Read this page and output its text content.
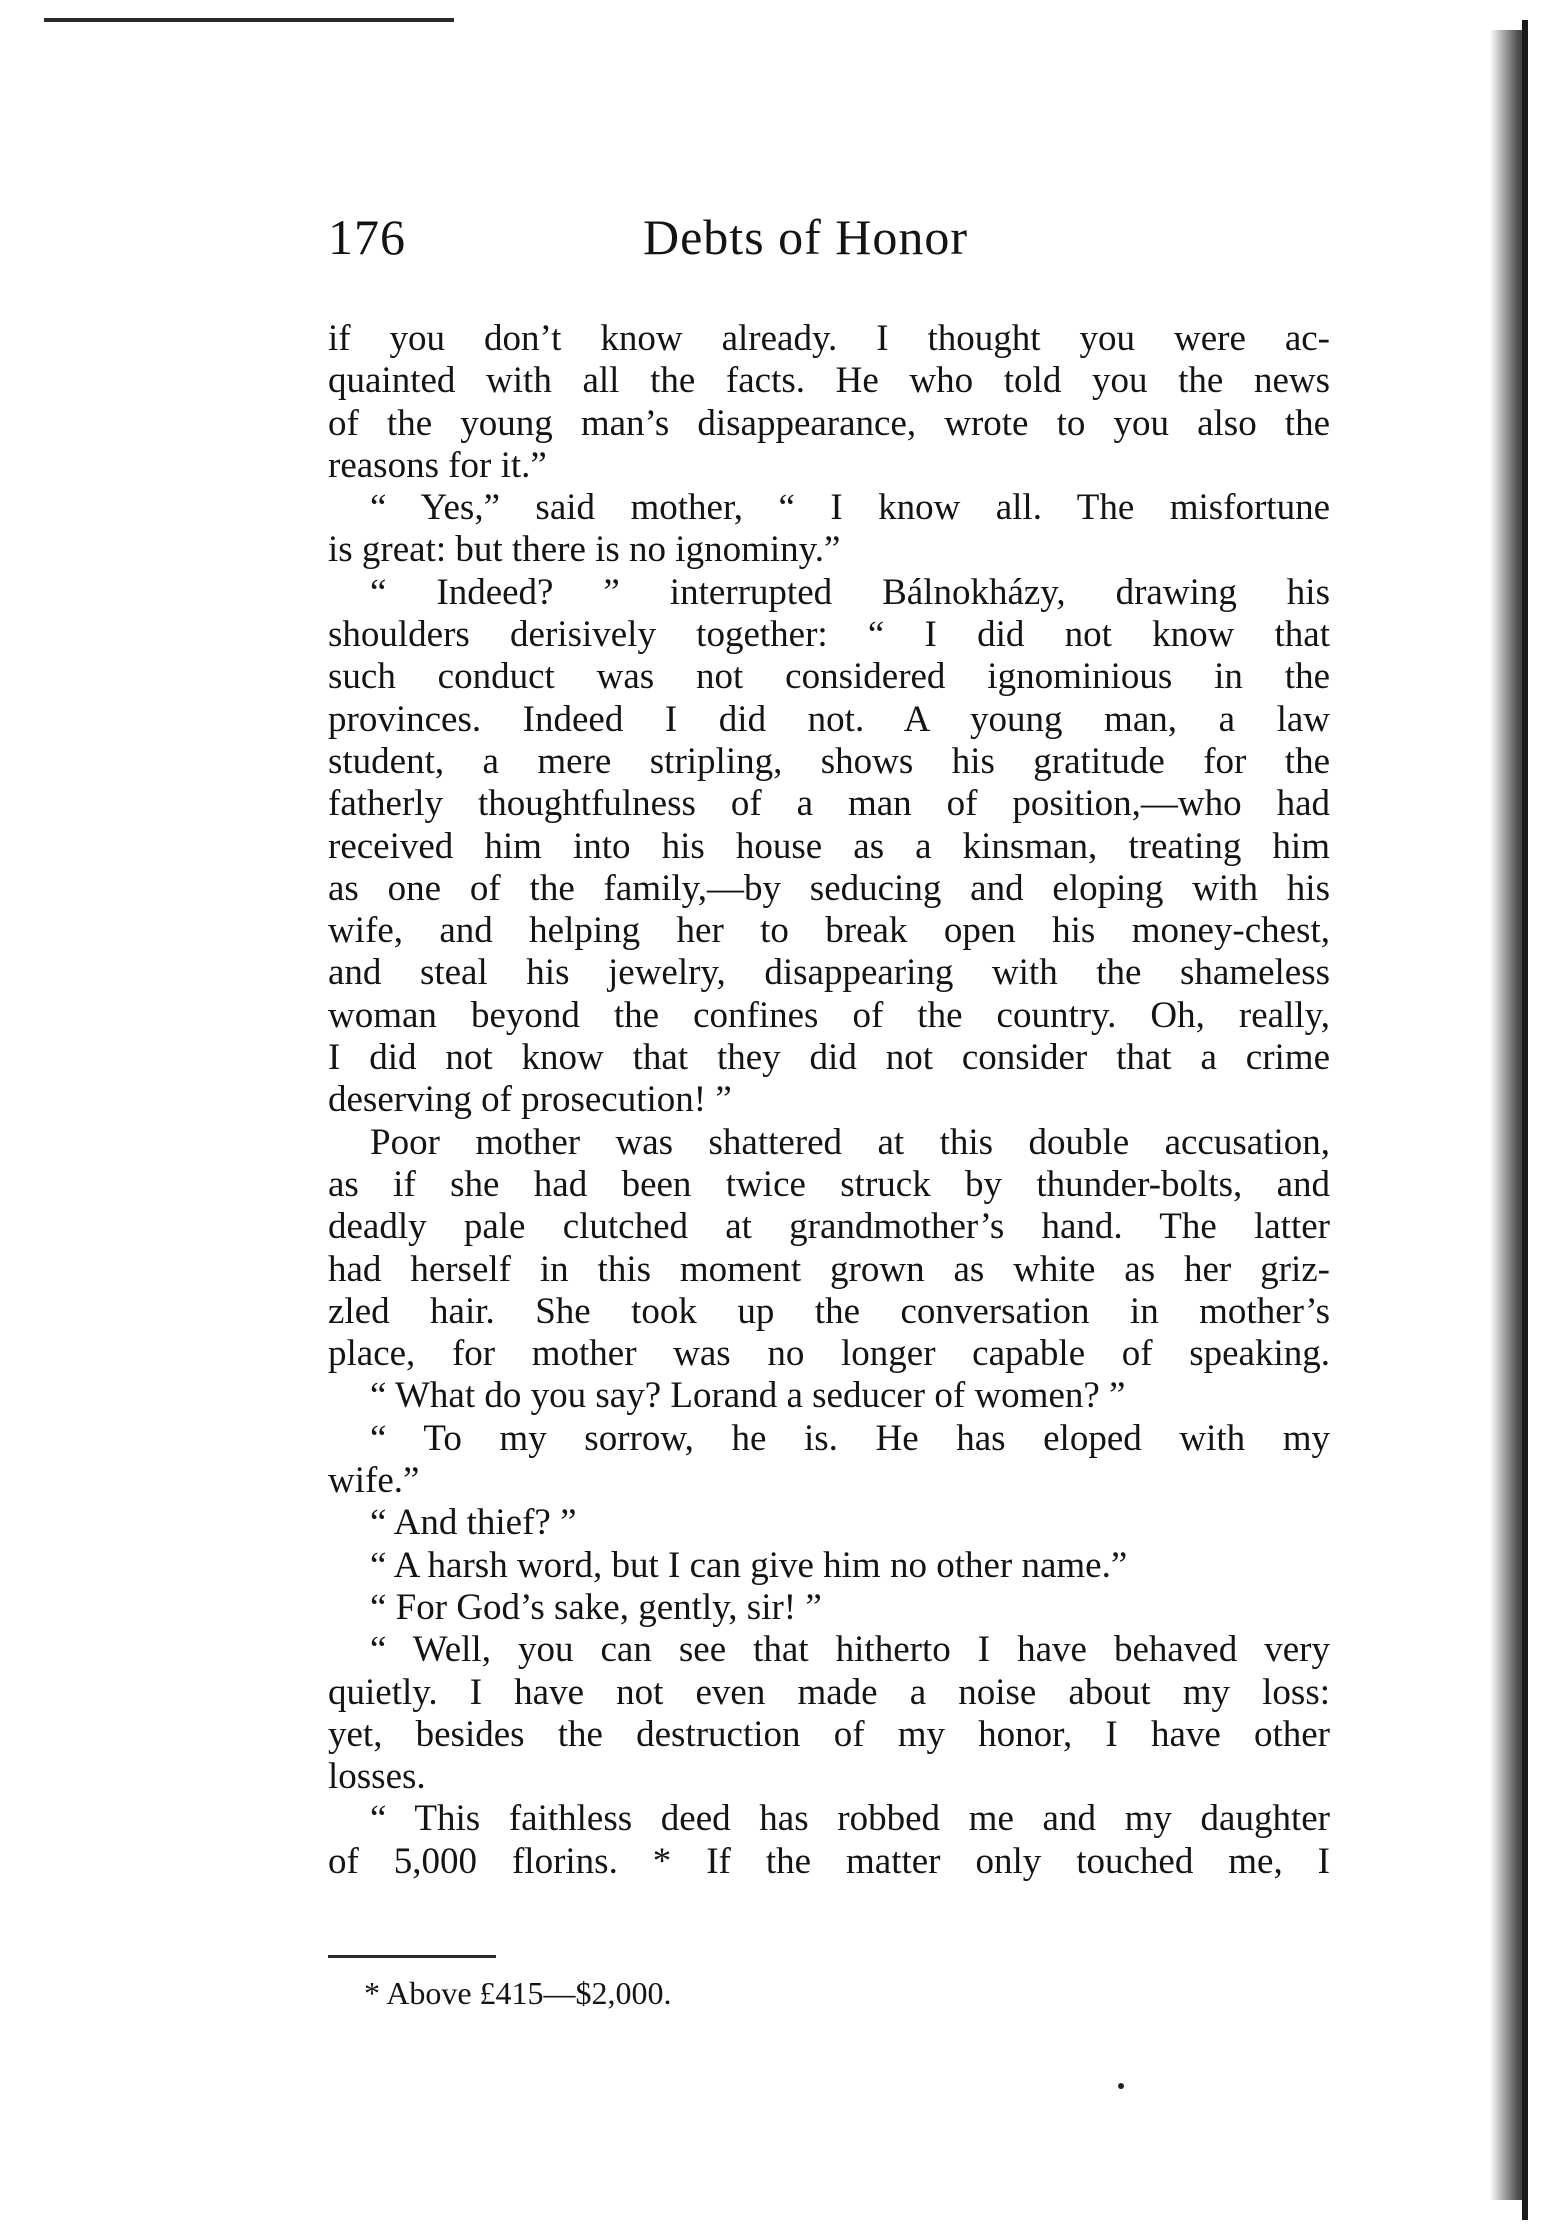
176	Debts of Honor
if you don’t know already. I thought you were ac-
quainted with all the facts. He who told you the news
of the young man’s disappearance, wrote to you also the
reasons for it.”
“ Yes,” said mother, “ I know all. The misfortune
is great: but there is no ignominy.”
“ Indeed? ” interrupted Bálnokházy, drawing his
shoulders derisively together: “ I did not know that
such conduct was not considered ignominious in the
provinces. Indeed I did not. A young man, a law
student, a mere stripling, shows his gratitude for the
fatherly thoughtfulness of a man of position,—who had
received him into his house as a kinsman, treating him
as one of the family,—by seducing and eloping with his
wife, and helping her to break open his money-chest,
and steal his jewelry, disappearing with the shameless
woman beyond the confines of the country. Oh, really,
I did not know that they did not consider that a crime
deserving of prosecution! ”
Poor mother was shattered at this double accusation,
as if she had been twice struck by thunder-bolts, and
deadly pale clutched at grandmother’s hand. The latter
had herself in this moment grown as white as her griz-
zled hair. She took up the conversation in mother’s
place, for mother was no longer capable of speaking.
“ What do you say? Lorand a seducer of women? ”
“ To my sorrow, he is. He has eloped with my
wife.”
“ And thief? ”
“ A harsh word, but I can give him no other name.”
“ For God’s sake, gently, sir! ”
“ Well, you can see that hitherto I have behaved very
quietly. I have not even made a noise about my loss:
yet, besides the destruction of my honor, I have other
losses.
“ This faithless deed has robbed me and my daughter
of 5,000 florins. * If the matter only touched me, I
* Above £415—$2,000.
